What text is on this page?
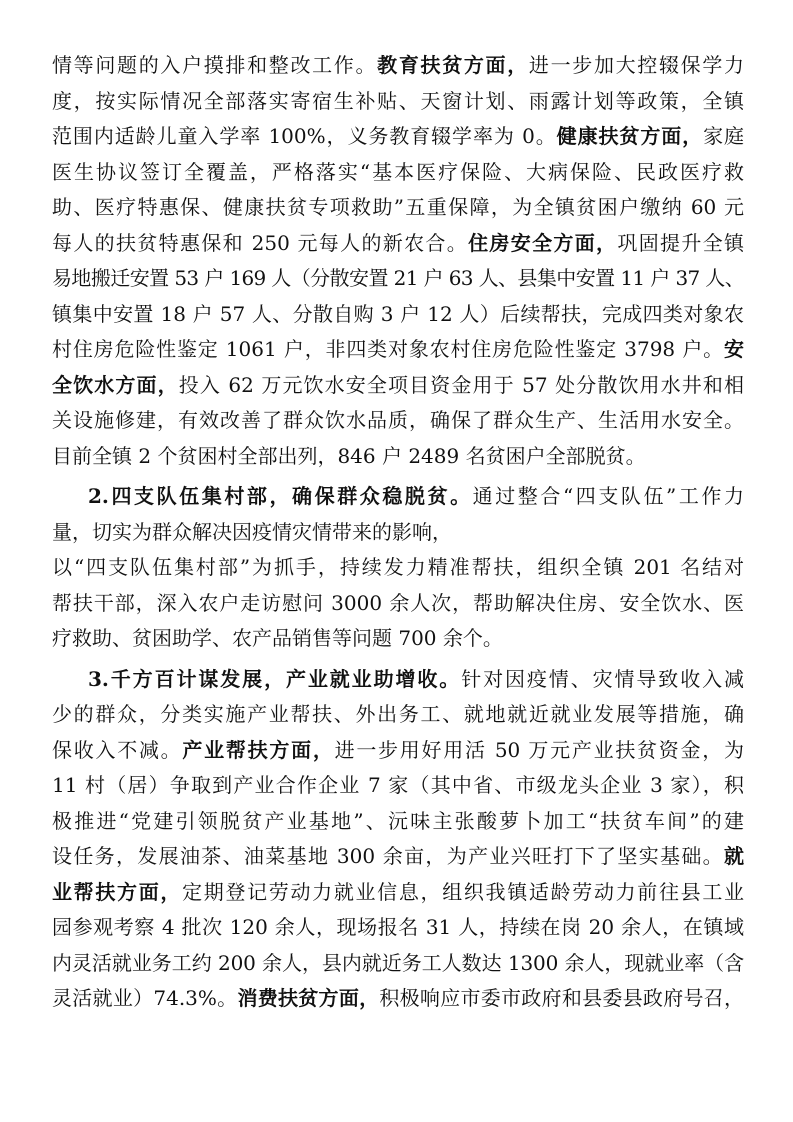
情等问题的入户摸排和整改工作。教育扶贫方面，进一步加大控辍保学力
度，按实际情况全部落实寄宿生补贴、天窗计划、雨露计划等政策，全镇
范围内适龄儿童入学率 100%，义务教育辍学率为 0。健康扶贫方面，家庭
医生协议签订全覆盖，严格落实“基本医疗保险、大病保险、民政医疗救
助、医疗特惠保、健康扶贫专项救助”五重保障，为全镇贫困户缴纳 60 元
每人的扶贫特惠保和 250 元每人的新农合。住房安全方面，巩固提升全镇
易地搬迁安置 53 户 169 人（分散安置 21 户 63 人、县集中安置 11 户 37 人、
镇集中安置 18 户 57 人、分散自购 3 户 12 人）后续帮扶，完成四类对象农
村住房危险性鉴定 1061 户，非四类对象农村住房危险性鉴定 3798 户。安
全饮水方面，投入 62 万元饮水安全项目资金用于 57 处分散饮用水井和相
关设施修建，有效改善了群众饮水品质，确保了群众生产、生活用水安全。
目前全镇 2 个贫困村全部出列，846 户 2489 名贫困户全部脱贫。
2.四支队伍集村部，确保群众稳脱贫。通过整合“四支队伍”工作力
量，切实为群众解决因疫情灾情带来的影响，
以“四支队伍集村部”为抓手，持续发力精准帮扶，组织全镇 201 名结对
帮扶干部，深入农户走访慰问 3000 余人次，帮助解决住房、安全饮水、医
疗救助、贫困助学、农产品销售等问题 700 余个。
3.千方百计谋发展，产业就业助增收。针对因疫情、灾情导致收入减
少的群众，分类实施产业帮扶、外出务工、就地就近就业发展等措施，确
保收入不减。产业帮扶方面，进一步用好用活 50 万元产业扶贫资金，为
11 村（居）争取到产业合作企业 7 家（其中省、市级龙头企业 3 家），积
极推进“党建引领脱贫产业基地”、沅味主张酸萝卜加工“扶贫车间”的建
设任务，发展油茶、油菜基地 300 余亩，为产业兴旺打下了坚实基础。就
业帮扶方面，定期登记劳动力就业信息，组织我镇适龄劳动力前往县工业
园参观考察 4 批次 120 余人，现场报名 31 人，持续在岗 20 余人，在镇域
内灵活就业务工约 200 余人，县内就近务工人数达 1300 余人，现就业率（含
灵活就业）74.3%。消费扶贫方面，积极响应市委市政府和县委县政府号召，
